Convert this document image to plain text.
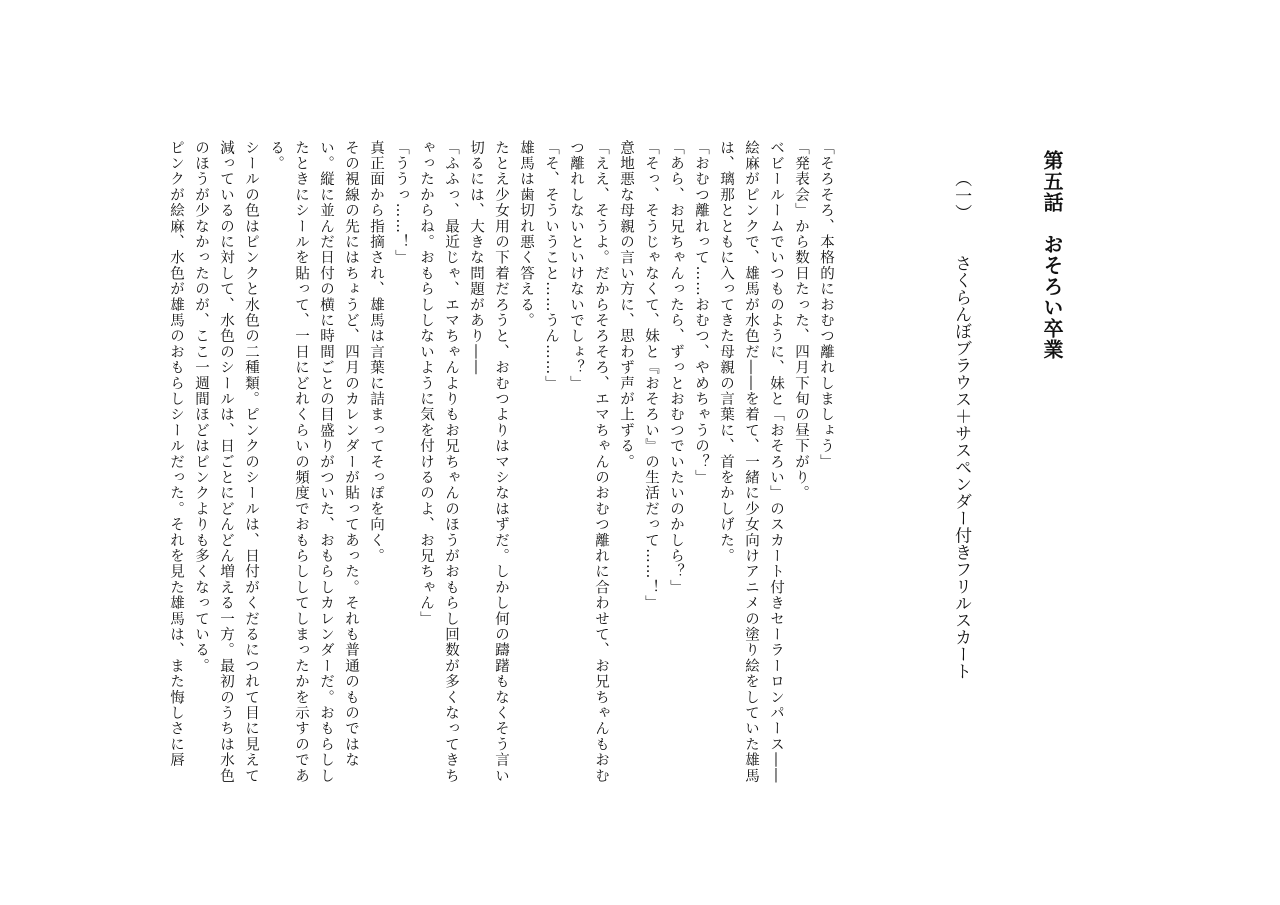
第五話　おそろい卒業
（一） さくらんぼブラウス＋サスペンダー付きフリルスカート

「そろそろ、本格的におむつ離れしましょう」

「発表会」から数日たった、四月下旬の昼下がり。

ベビールームでいつものように、妹と「おそろい」のスカート付きセーラーロンパース――絵麻がピンクで、雄馬が水色だ――を着て、一緒に少女向けアニメの塗り絵をしていた雄馬は、璃那とともに入ってきた母親の言葉に、首をかしげた。

「おむつ離れって……おむつ、やめちゃうの？」

「あら、お兄ちゃんったら、ずっとおむつでいたいのかしら？」

「そっ、そうじゃなくて、妹と『おそろい』の生活だって……！」

意地悪な母親の言い方に、思わず声が上ずる。

「ええ、そうよ。だからそろそろ、エマちゃんのおむつ離れに合わせて、お兄ちゃんもおむつ離れしないといけないでしょ？」

「そ、そういうこと……うん……」

雄馬は歯切れ悪く答える。

たとえ少女用の下着だろうと、おむつよりはマシなはずだ。しかし何の躊躇もなくそう言い切るには、大きな問題があり――

「ふふっ、最近じゃ、エマちゃんよりもお兄ちゃんのほうがおもらし回数が多くなってきちゃったからね。おもらししないように気を付けるのよ、お兄ちゃん」

「ううっ……！」

真正面から指摘され、雄馬は言葉に詰まってそっぽを向く。

その視線の先にはちょうど、四月のカレンダーが貼ってあった。それも普通のものではない。縦に並んだ日付の横に時間ごとの目盛りがついた、おもらしカレンダーだ。おもらししたときにシールを貼って、一日にどれくらいの頻度でおもらししてしまったかを示すのである。

シールの色はピンクと水色の二種類。ピンクのシールは、日付がくだるにつれて目に見えて減っているのに対して、水色のシールは、日ごとにどんどん増える一方。最初のうちは水色のほうが少なかったのが、ここ一週間ほどはピンクよりも多くなっている。

ピンクが絵麻、水色が雄馬のおもらしシールだった。それを見た雄馬は、また悔しさに唇
